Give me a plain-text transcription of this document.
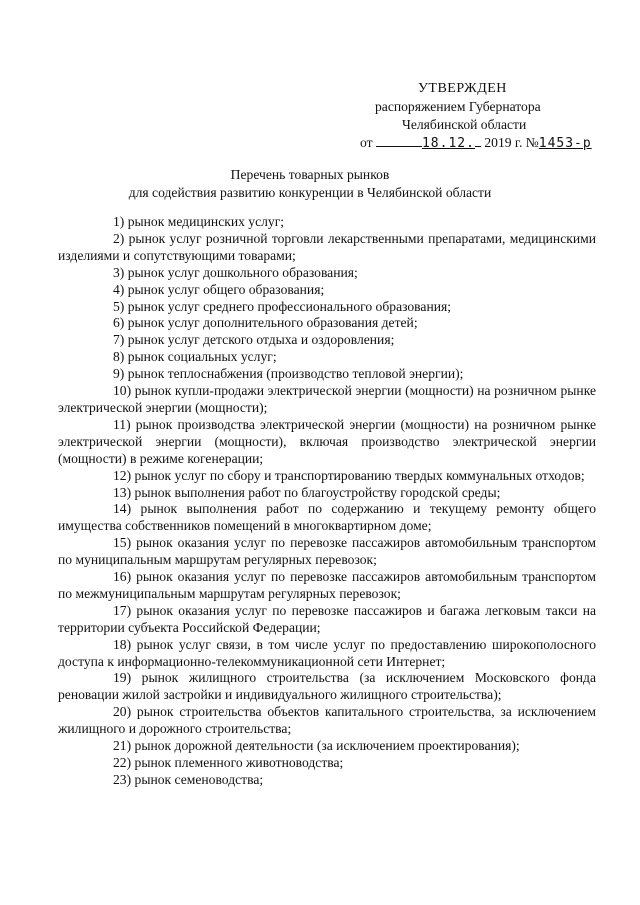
УТВЕРЖДЕН
распоряжением Губернатора
Челябинской области
от	18.12. 2019 г. №1453-р
Перечень товарных рынков
для содействия развитию конкуренции в Челябинской области

1) рынок медицинских услуг;

2) рынок услуг розничной торговли лекарственными препаратами, медицинскими изделиями и сопутствующими товарами;

3) рынок услуг дошкольного образования;

4) рынок услуг общего образования;

5) рынок услуг среднего профессионального образования;

6) рынок услуг дополнительного образования детей;

7) рынок услуг детского отдыха и оздоровления;

8) рынок социальных услуг;

9) рынок теплоснабжения (производство тепловой энергии);

10) рынок купли-продажи электрической энергии (мощности) на розничном рынке электрической энергии (мощности);

11) рынок производства электрической энергии (мощности) на розничном рынке электрической энергии (мощности), включая производство электрической энергии (мощности) в режиме когенерации;

12) рынок услуг по сбору и транспортированию твердых коммунальных отходов;

13) рынок выполнения работ по благоустройству городской среды;

14) рынок выполнения работ по содержанию и текущему ремонту общего имущества собственников помещений в многоквартирном доме;

15) рынок оказания услуг по перевозке пассажиров автомобильным транспортом по муниципальным маршрутам регулярных перевозок;

16) рынок оказания услуг по перевозке пассажиров автомобильным транспортом по межмуниципальным маршрутам регулярных перевозок;

17) рынок оказания услуг по перевозке пассажиров и багажа легковым такси на территории субъекта Российской Федерации;

18) рынок услуг связи, в том числе услуг по предоставлению широкополосного доступа к информационно-телекоммуникационной сети Интернет;

19) рынок жилищного строительства (за исключением Московского фонда реновации жилой застройки и индивидуального жилищного строительства);

20) рынок строительства объектов капитального строительства, за исключением жилищного и дорожного строительства;

21) рынок дорожной деятельности (за исключением проектирования);

22) рынок племенного животноводства;

23) рынок семеноводства;
